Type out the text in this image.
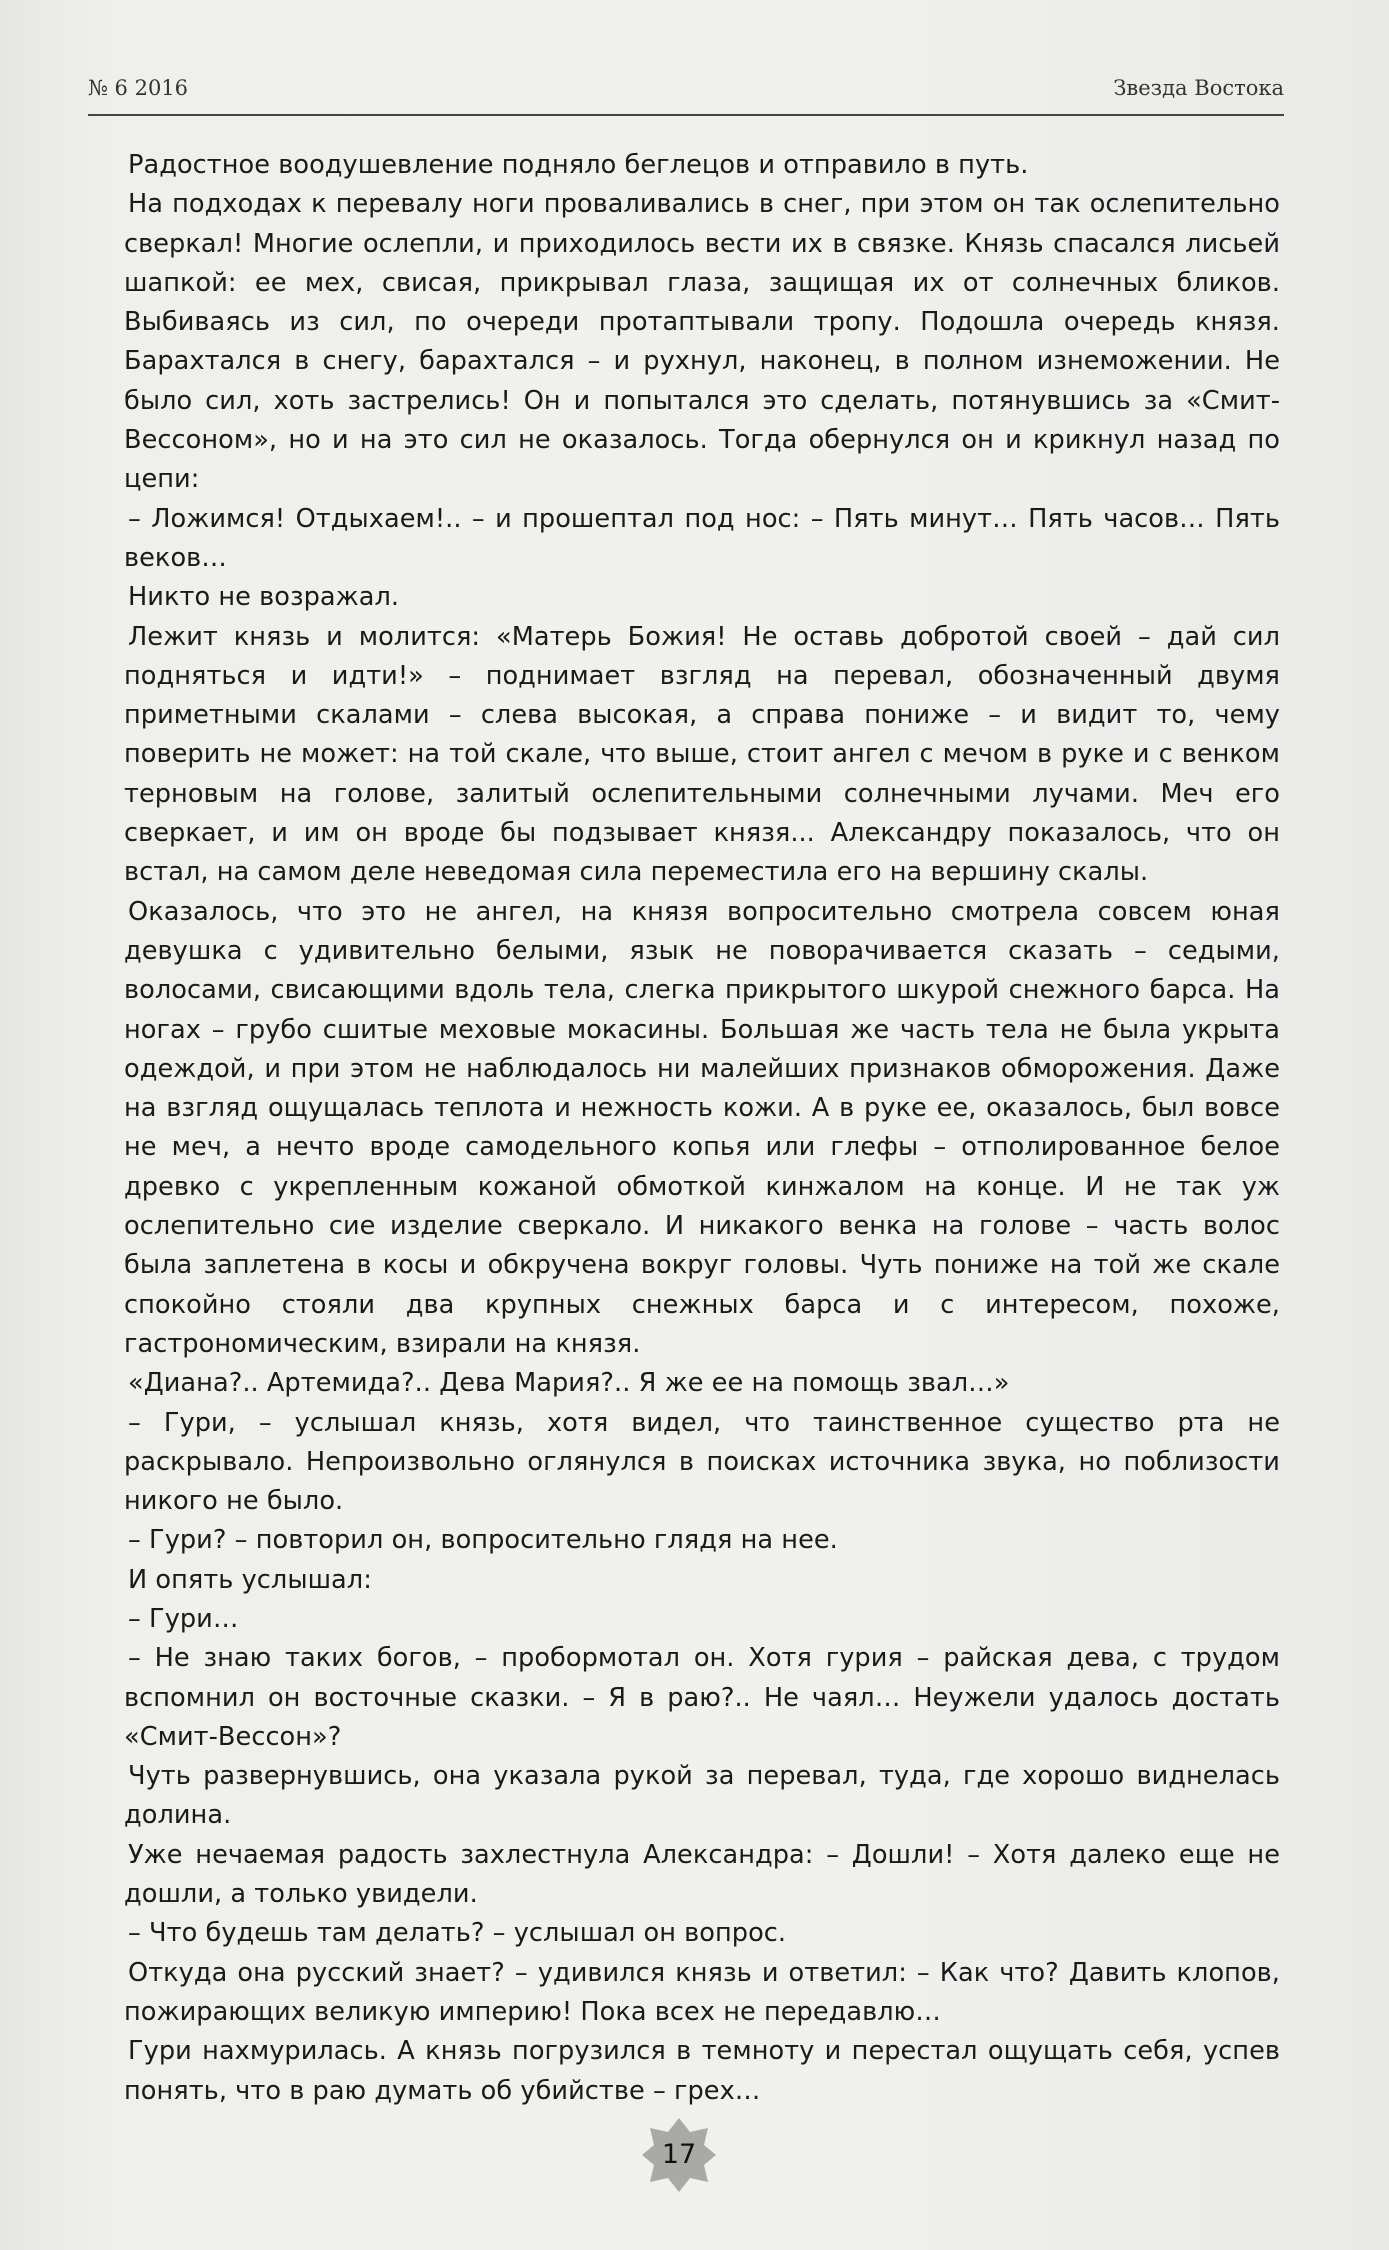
№ 6 2016	Звезда Востока

Радостное воодушевление подняло беглецов и отправило в путь.

На подходах к перевалу ноги проваливались в снег, при этом он так ослепительно сверкал! Многие ослепли, и приходилось вести их в связке. Князь спасался лисьей шапкой: ее мех, свисая, прикрывал глаза, защищая их от солнечных бликов. Выбиваясь из сил, по очереди протаптывали тропу. Подошла очередь князя. Барахтался в снегу, барахтался – и рухнул, наконец, в полном изнеможении. Не было сил, хоть застрелись! Он и попытался это сделать, потянувшись за «Смит-Вессоном», но и на это сил не оказалось. Тогда обернулся он и крикнул назад по цепи:

– Ложимся! Отдыхаем!.. – и прошептал под нос: – Пять минут… Пять часов… Пять веков…

Никто не возражал.

Лежит князь и молится: «Матерь Божия! Не оставь добротой своей – дай сил подняться и идти!» – поднимает взгляд на перевал, обозначенный двумя приметными скалами – слева высокая, а справа пониже – и видит то, чему поверить не может: на той скале, что выше, стоит ангел с мечом в руке и с венком терновым на голове, залитый ослепительными солнечными лучами. Меч его сверкает, и им он вроде бы подзывает князя... Александру показалось, что он встал, на самом деле неведомая сила переместила его на вершину скалы.

Оказалось, что это не ангел, на князя вопросительно смотрела совсем юная девушка с удивительно белыми, язык не поворачивается сказать – седыми, волосами, свисающими вдоль тела, слегка прикрытого шкурой снежного барса. На ногах – грубо сшитые меховые мокасины. Большая же часть тела не была укрыта одеждой, и при этом не наблюдалось ни малейших признаков обморожения. Даже на взгляд ощущалась теплота и нежность кожи. А в руке ее, оказалось, был вовсе не меч, а нечто вроде самодельного копья или глефы – отполированное белое древко с укрепленным кожаной обмоткой кинжалом на конце. И не так уж ослепительно сие изделие сверкало. И никакого венка на голове – часть волос была заплетена в косы и обкручена вокруг головы. Чуть пониже на той же скале спокойно стояли два крупных снежных барса и с интересом, похоже, гастрономическим, взирали на князя.

«Диана?.. Артемида?.. Дева Мария?.. Я же ее на помощь звал…»

– Гури, – услышал князь, хотя видел, что таинственное существо рта не раскрывало. Непроизвольно оглянулся в поисках источника звука, но поблизости никого не было.

– Гури? – повторил он, вопросительно глядя на нее.

И опять услышал:

– Гури…

– Не знаю таких богов, – пробормотал он. Хотя гурия – райская дева, с трудом вспомнил он восточные сказки. – Я в раю?.. Не чаял… Неужели удалось достать «Смит-Вессон»?

Чуть развернувшись, она указала рукой за перевал, туда, где хорошо виднелась долина.

Уже нечаемая радость захлестнула Александра: – Дошли! – Хотя далеко еще не дошли, а только увидели.

– Что будешь там делать? – услышал он вопрос.

Откуда она русский знает? – удивился князь и ответил: – Как что? Давить клопов, пожирающих великую империю! Пока всех не передавлю…

Гури нахмурилась. А князь погрузился в темноту и перестал ощущать себя, успев понять, что в раю думать об убийстве – грех…

17
